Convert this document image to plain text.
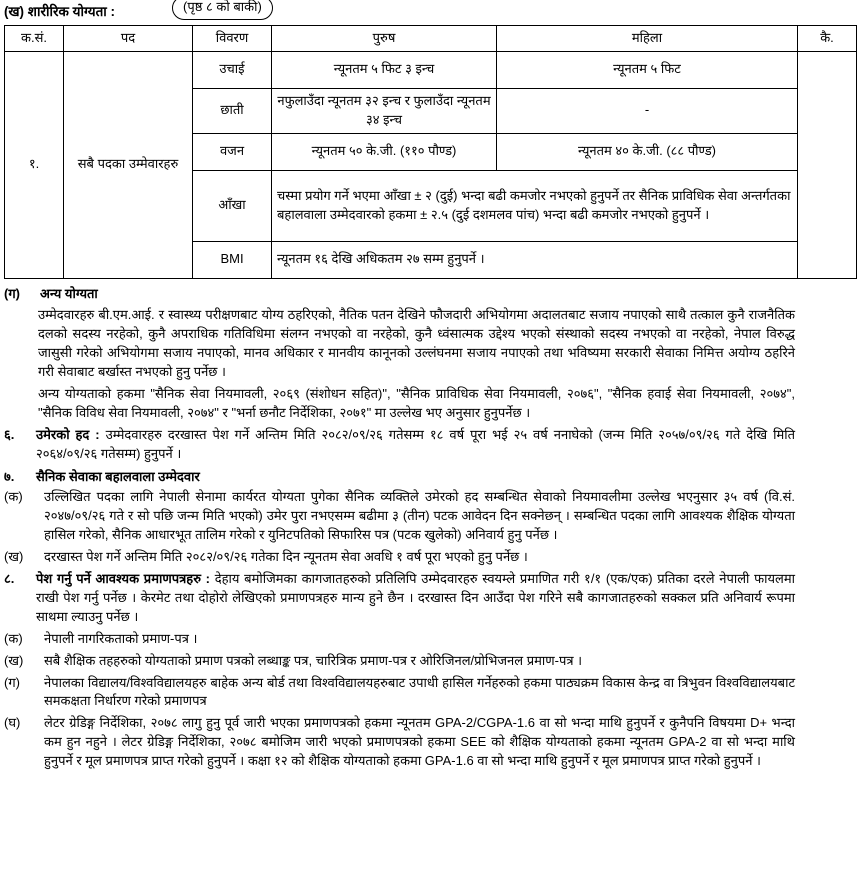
(ख) शारीरिक योग्यता :	(पृष्ठ ८ को बाकी)
क.सं.	पद	विवरण	पुरुष	महिला	कै.
१.	सबै पदका उम्मेवारहरु	उचाई	न्यूनतम ५ फिट ३ इन्च	न्यूनतम ५ फिट	
		छाती	नफुलाउँदा न्यूनतम ३२ इन्च र फुलाउँदा न्यूनतम ३४ इन्च	-	
		वजन	न्यूनतम ५० के.जी. (११० पौण्ड)	न्यूनतम ४० के.जी. (८८ पौण्ड)	
		आँखा	चस्मा प्रयोग गर्ने भएमा आँखा ± २ (दुई) भन्दा बढी कमजोर नभएको हुनुपर्ने तर सैनिक प्राविधिक सेवा अन्तर्गतका बहालवाला उम्मेदवारको हकमा ± २.५ (दुई दशमलव पांच) भन्दा बढी कमजोर नभएको हुनुपर्ने ।		
		BMI	न्यूनतम १६ देखि अधिकतम २७ सम्म हुनुपर्ने ।		
(ग)	अन्य योग्यता
उम्मेदवारहरु बी.एम.आई. र स्वास्थ्य परीक्षणबाट योग्य ठहरिएको, नैतिक पतन देखिने फौजदारी अभियोगमा अदालतबाट सजाय नपाएको साथै तत्काल कुनै राजनैतिक दलको सदस्य नरहेको, कुनै अपराधिक गतिविधिमा संलग्न नभएको वा नरहेको, कुनै ध्वंसात्मक उद्देश्य भएको संस्थाको सदस्य नभएको वा नरहेको, नेपाल विरुद्ध जासुसी गरेको अभियोगमा सजाय नपाएको, मानव अधिकार र मानवीय कानूनको उल्लंघनमा सजाय नपाएको तथा भविष्यमा सरकारी सेवाका निमित्त अयोग्य ठहरिने गरी सेवाबाट बर्खास्त नभएको हुनु पर्नेछ ।
अन्य योग्यताको हकमा "सैनिक सेवा नियमावली, २०६९ (संशोधन सहित)", "सैनिक प्राविधिक सेवा नियमावली, २०७६", "सैनिक हवाई सेवा नियमावली, २०७४", "सैनिक विविध सेवा नियमावली, २०७४" र "भर्ना छनौट निर्देशिका, २०७१" मा उल्लेख भए अनुसार हुनुपर्नेछ ।
६.	उमेरको हद : उम्मेदवारहरु दरखास्त पेश गर्ने अन्तिम मिति २०८२/०९/२६ गतेसम्म १८ वर्ष पूरा भई २५ वर्ष ननाघेको (जन्म मिति २०५७/०९/२६ गते देखि मिति २०६४/०९/२६ गतेसम्म) हुनुपर्ने ।
७.	सैनिक सेवाका बहालवाला उम्मेदवार
(क)	उल्लिखित पदका लागि नेपाली सेनामा कार्यरत योग्यता पुगेका सैनिक व्यक्तिले उमेरको हद सम्बन्धित सेवाको नियमावलीमा उल्लेख भएनुसार ३५ वर्ष (वि.सं. २०४७/०९/२६ गते र सो पछि जन्म मिति भएको) उमेर पुरा नभएसम्म बढीमा ३ (तीन) पटक आवेदन दिन सक्नेछन् । सम्बन्धित पदका लागि आवश्यक शैक्षिक योग्यता हासिल गरेको, सैनिक आधारभूत तालिम गरेको र युनिटपतिको सिफारिस पत्र (पटक खुलेको) अनिवार्य हुनु पर्नेछ ।
(ख)	दरखास्त पेश गर्ने अन्तिम मिति २०८२/०९/२६ गतेका दिन न्यूनतम सेवा अवधि १ वर्ष पूरा भएको हुनु पर्नेछ ।
८.	पेश गर्नु पर्ने आवश्यक प्रमाणपत्रहरु : देहाय बमोजिमका कागजातहरुको प्रतिलिपि उम्मेदवारहरु स्वयम्ले प्रमाणित गरी १/१ (एक/एक) प्रतिका दरले नेपाली फायलमा राखी पेश गर्नु पर्नेछ । केरमेट तथा दोहोरो लेखिएको प्रमाणपत्रहरु मान्य हुने छैन । दरखास्त दिन आउँदा पेश गरिने सबै कागजातहरुको सक्कल प्रति अनिवार्य रूपमा साथमा ल्याउनु पर्नेछ ।
(क)	नेपाली नागरिकताको प्रमाण-पत्र ।
(ख)	सबै शैक्षिक तहहरुको योग्यताको प्रमाण पत्रको लब्धाङ्क पत्र, चारित्रिक प्रमाण-पत्र र ओरिजिनल/प्रोभिजनल प्रमाण-पत्र ।
(ग)	नेपालका विद्यालय/विश्वविद्यालयहरु बाहेक अन्य बोर्ड तथा विश्वविद्यालयहरुबाट उपाधी हासिल गर्नेहरुको हकमा पाठ्यक्रम विकास केन्द्र वा त्रिभुवन विश्वविद्यालयबाट समकक्षता निर्धारण गरेको प्रमाणपत्र
(घ)	लेटर ग्रेडिङ्ग निर्देशिका, २०७८ लागु हुनु पूर्व जारी भएका प्रमाणपत्रको हकमा न्यूनतम GPA-2/CGPA-1.6 वा सो भन्दा माथि हुनुपर्ने र कुनैपनि विषयमा D+ भन्दा कम हुन नहुने । लेटर ग्रेडिङ्ग निर्देशिका, २०७८ बमोजिम जारी भएको प्रमाणपत्रको हकमा SEE को शैक्षिक योग्यताको हकमा न्यूनतम GPA-2 वा सो भन्दा माथि हुनुपर्ने र मूल प्रमाणपत्र प्राप्त गरेको हुनुपर्ने । कक्षा १२ को शैक्षिक योग्यताको हकमा GPA-1.6 वा सो भन्दा माथि हुनुपर्ने र मूल प्रमाणपत्र प्राप्त गरेको हुनुपर्ने ।
